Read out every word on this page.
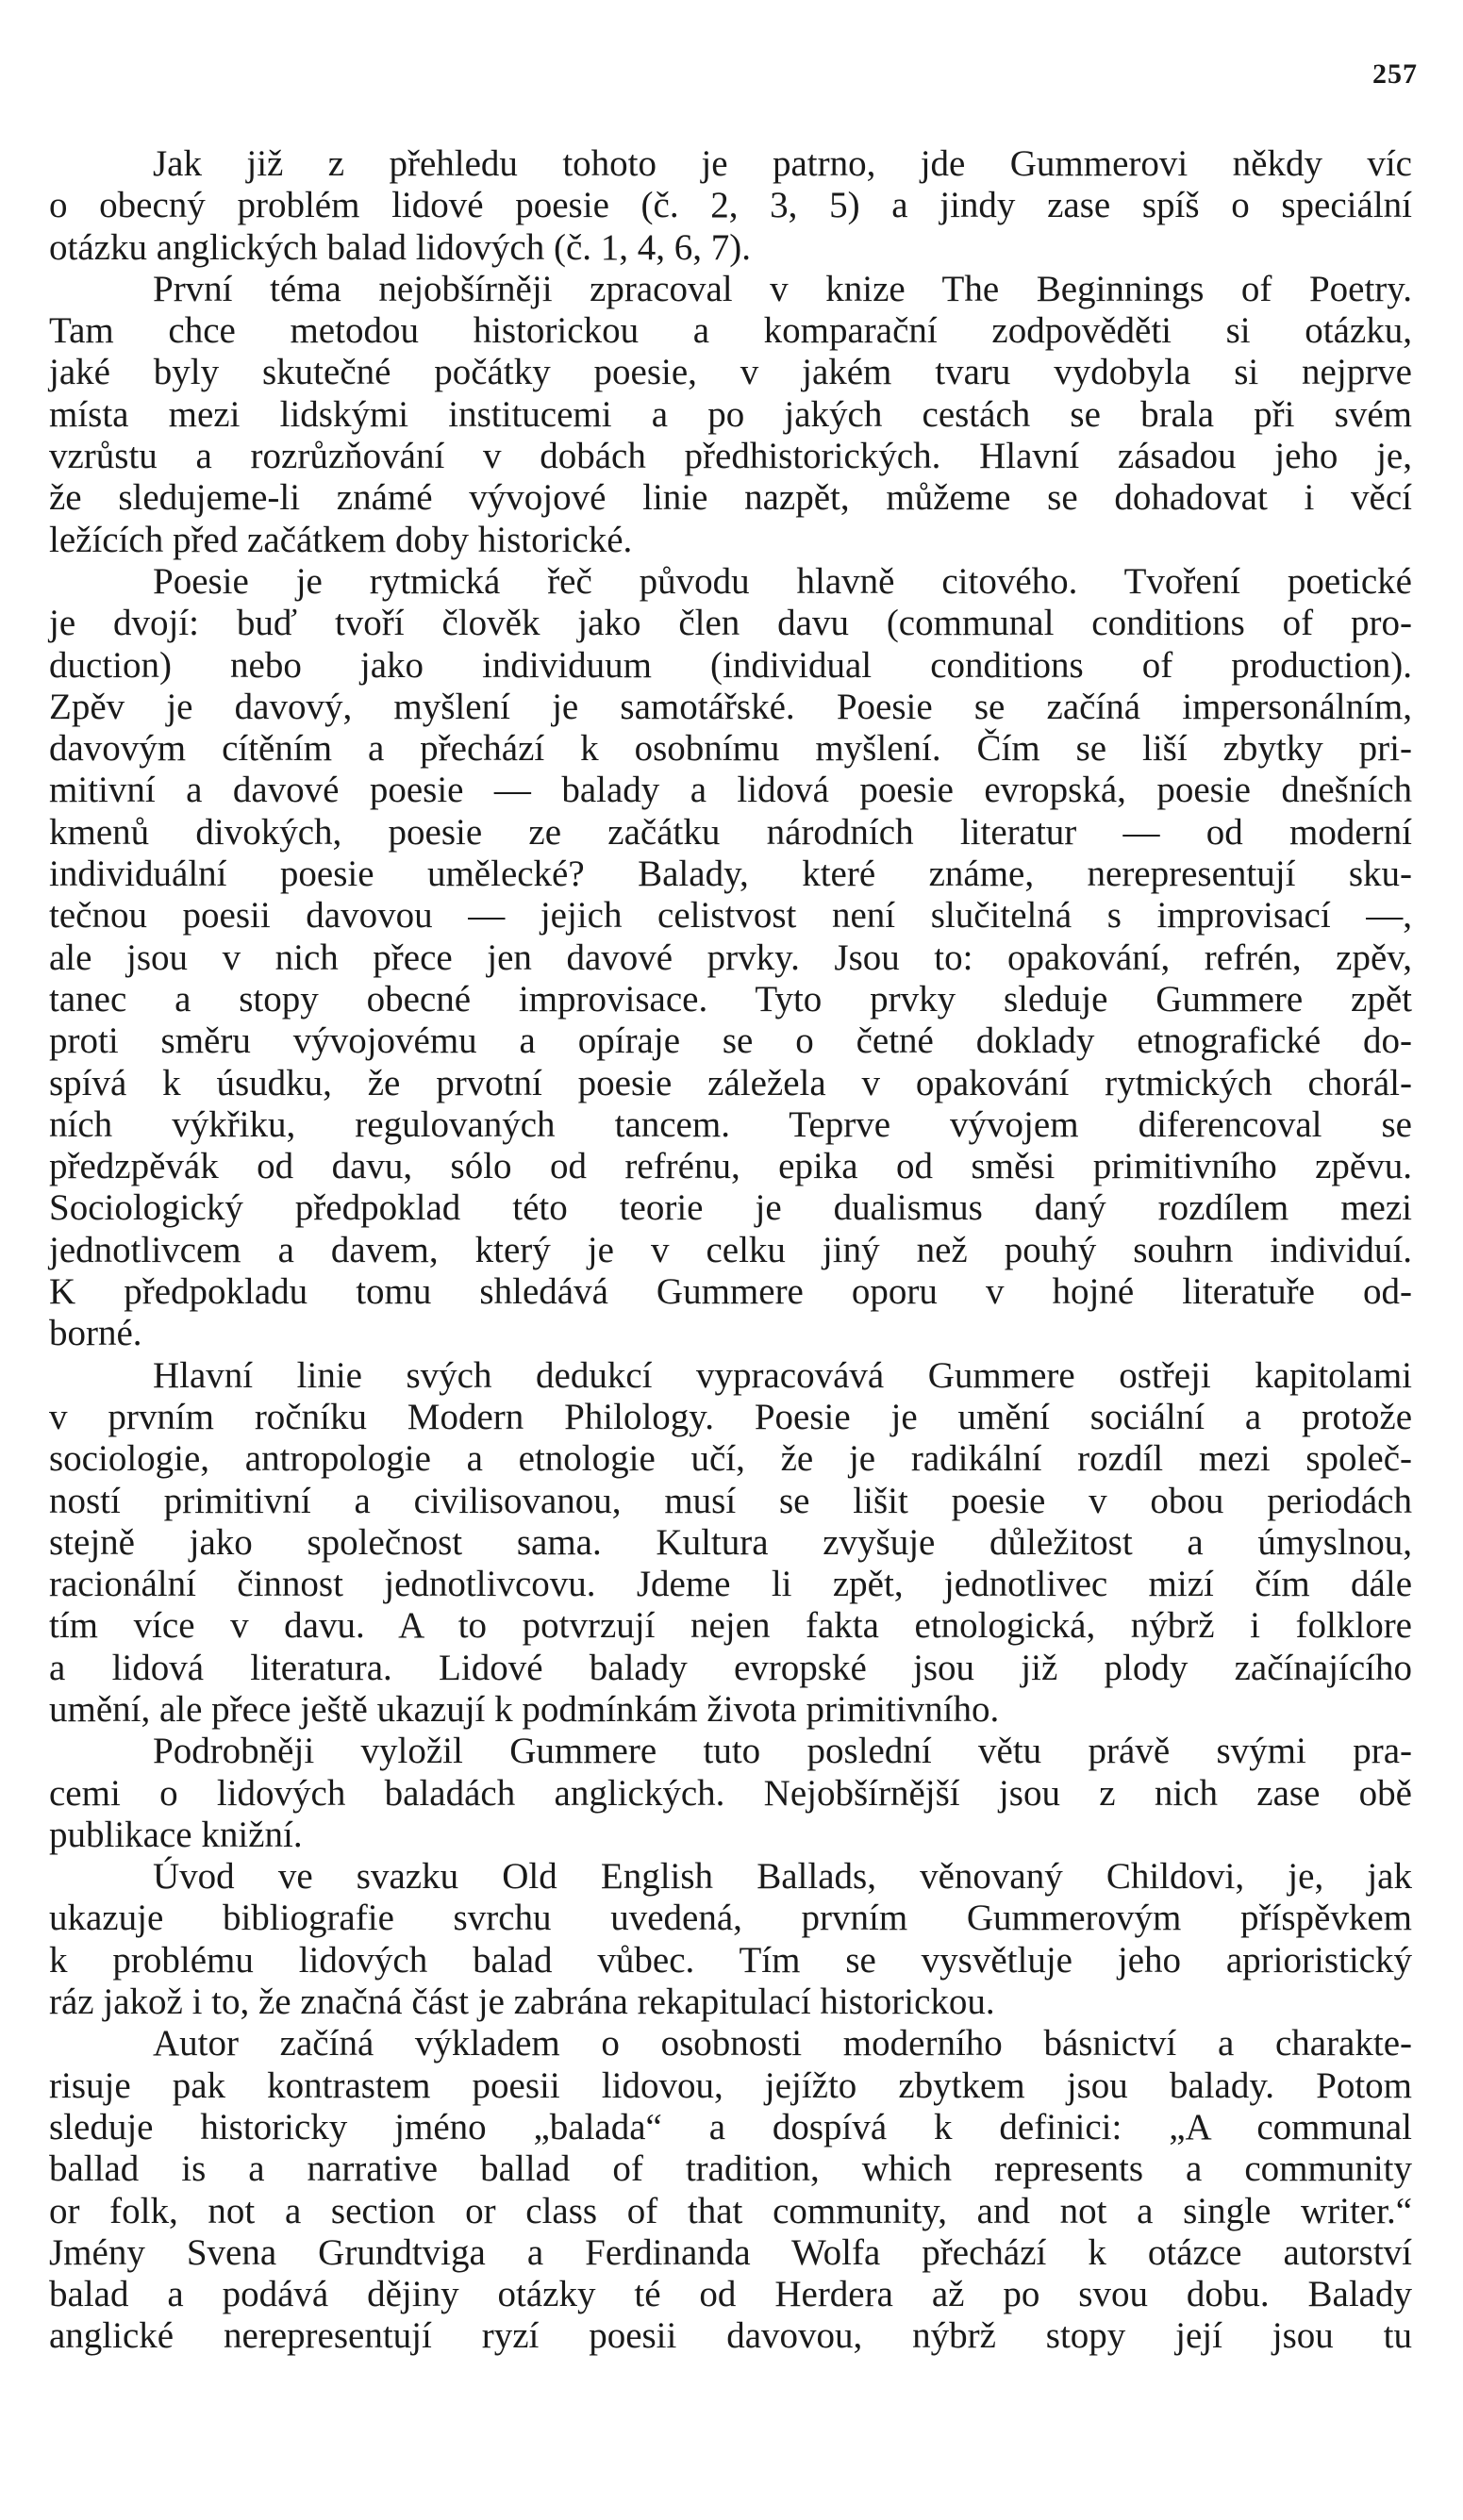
257
Jak již z přehledu tohoto je patrno, jde Gummerovi někdy víc
o obecný problém lidové poesie (č. 2, 3, 5) a jindy zase spíš o speciální
otázku anglických balad lidových (č. 1, 4, 6, 7).
První téma nejobšírněji zpracoval v knize The Beginnings of Poetry.
Tam chce metodou historickou a komparační zodpověděti si otázku,
jaké byly skutečné počátky poesie, v jakém tvaru vydobyla si nejprve
místa mezi lidskými institucemi a po jakých cestách se brala při svém
vzrůstu a rozrůzňování v dobách předhistorických. Hlavní zásadou jeho je,
že sledujeme-li známé vývojové linie nazpět, můžeme se dohadovat i věcí
ležících před začátkem doby historické.
Poesie je rytmická řeč původu hlavně citového. Tvoření poetické
je dvojí: buď tvoří člověk jako člen davu (communal conditions of pro-
duction) nebo jako individuum (individual conditions of production).
Zpěv je davový, myšlení je samotářské. Poesie se začíná impersonálním,
davovým cítěním a přechází k osobnímu myšlení. Čím se liší zbytky pri-
mitivní a davové poesie — balady a lidová poesie evropská, poesie dnešních
kmenů divokých, poesie ze začátku národních literatur — od moderní
individuální poesie umělecké? Balady, které známe, nerepresentují sku-
tečnou poesii davovou — jejich celistvost není slučitelná s improvisací —,
ale jsou v nich přece jen davové prvky. Jsou to: opakování, refrén, zpěv,
tanec a stopy obecné improvisace. Tyto prvky sleduje Gummere zpět
proti směru vývojovému a opíraje se o četné doklady etnografické do-
spívá k úsudku, že prvotní poesie záležela v opakování rytmických chorál-
ních výkřiku, regulovaných tancem. Teprve vývojem diferencoval se
předzpěvák od davu, sólo od refrénu, epika od směsi primitivního zpěvu.
Sociologický předpoklad této teorie je dualismus daný rozdílem mezi
jednotlivcem a davem, který je v celku jiný než pouhý souhrn individuí.
K předpokladu tomu shledává Gummere oporu v hojné literatuře od-
borné.
Hlavní linie svých dedukcí vypracovává Gummere ostřeji kapitolami
v prvním ročníku Modern Philology. Poesie je umění sociální a protože
sociologie, antropologie a etnologie učí, že je radikální rozdíl mezi společ-
ností primitivní a civilisovanou, musí se lišit poesie v obou periodách
stejně jako společnost sama. Kultura zvyšuje důležitost a úmyslnou,
racionální činnost jednotlivcovu. Jdeme li zpět, jednotlivec mizí čím dále
tím více v davu. A to potvrzují nejen fakta etnologická, nýbrž i folklore
a lidová literatura. Lidové balady evropské jsou již plody začínajícího
umění, ale přece ještě ukazují k podmínkám života primitivního.
Podrobněji vyložil Gummere tuto poslední větu právě svými pra-
cemi o lidových baladách anglických. Nejobšírnější jsou z nich zase obě
publikace knižní.
Úvod ve svazku Old English Ballads, věnovaný Childovi, je, jak
ukazuje bibliografie svrchu uvedená, prvním Gummerovým příspěvkem
k problému lidových balad vůbec. Tím se vysvětluje jeho aprioristický
ráz jakož i to, že značná část je zabrána rekapitulací historickou.
Autor začíná výkladem o osobnosti moderního básnictví a charakte-
risuje pak kontrastem poesii lidovou, jejížto zbytkem jsou balady. Potom
sleduje historicky jméno „balada“ a dospívá k definici: „A communal
ballad is a narrative ballad of tradition, which represents a community
or folk, not a section or class of that community, and not a single writer.“
Jmény Svena Grundtviga a Ferdinanda Wolfa přechází k otázce autorství
balad a podává dějiny otázky té od Herdera až po svou dobu. Balady
anglické nerepresentují ryzí poesii davovou, nýbrž stopy její jsou tu
